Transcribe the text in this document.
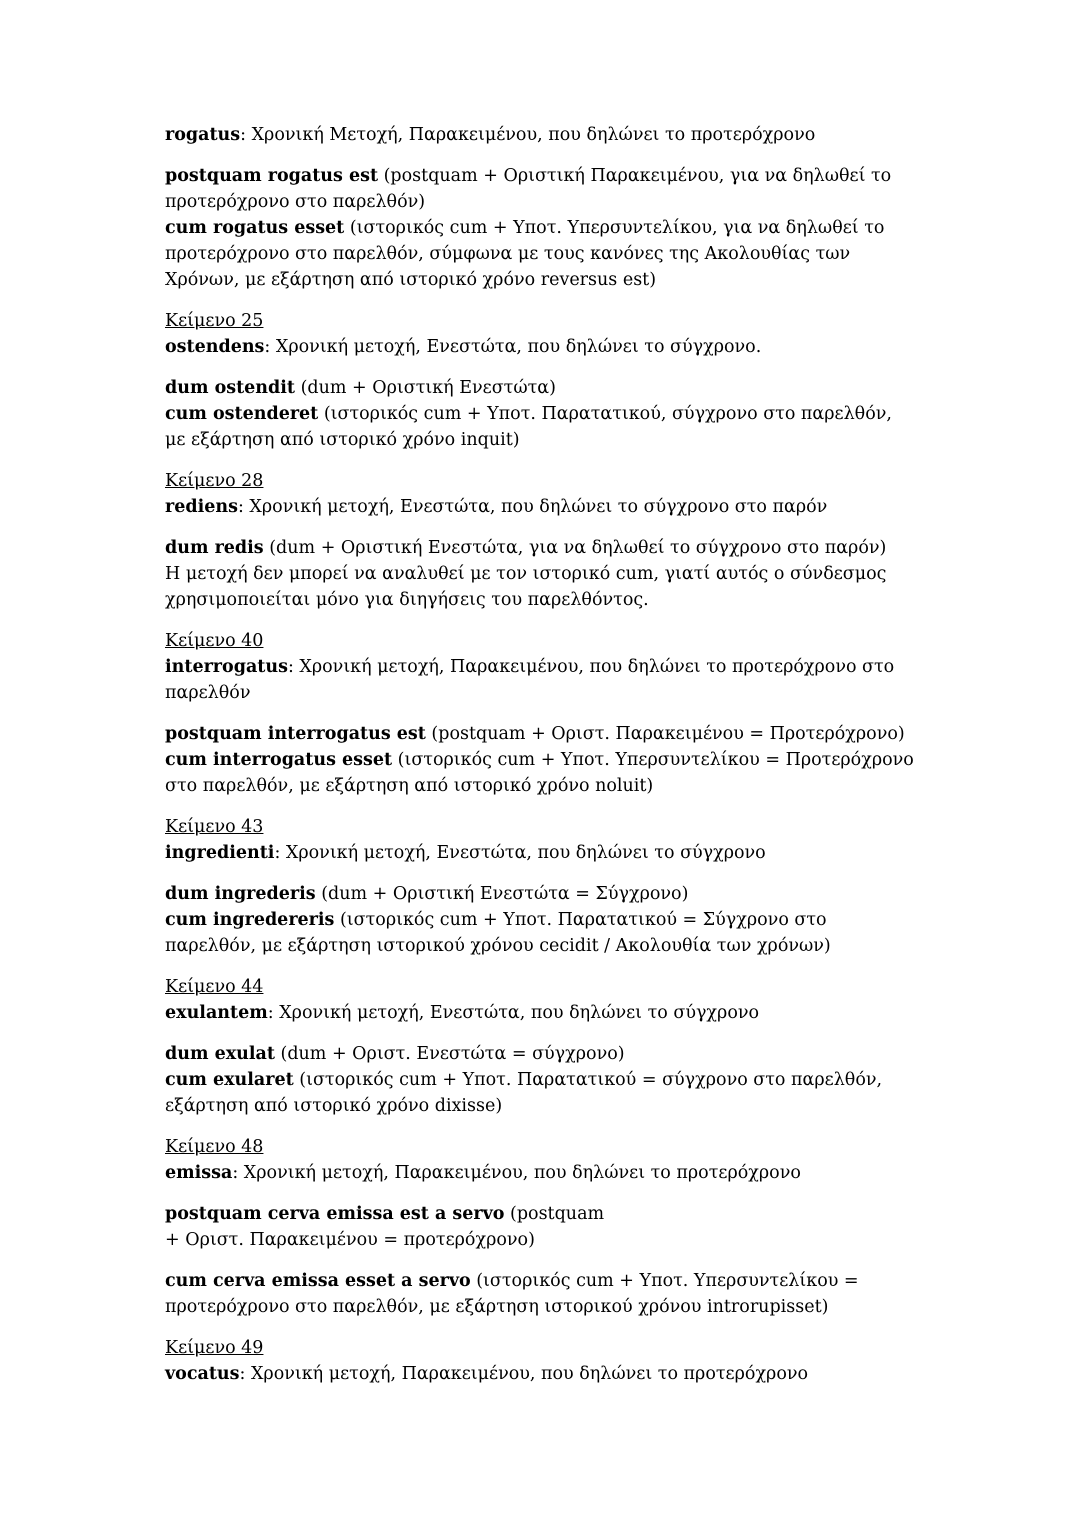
rogatus: Χρονική Μετοχή, Παρακειμένου, που δηλώνει το προτερόχρονο

postquam rogatus est (postquam + Οριστική Παρακειμένου, για να δηλωθεί το προτερόχρονο στο παρελθόν)
cum rogatus esset (ιστορικός cum + Υποτ. Υπερσυντελίκου, για να δηλωθεί το προτερόχρονο στο παρελθόν, σύμφωνα με τους κανόνες της Ακολουθίας των Χρόνων, με εξάρτηση από ιστορικό χρόνο reversus est)

Κείμενο 25
ostendens: Χρονική μετοχή, Ενεστώτα, που δηλώνει το σύγχρονο.

dum ostendit (dum + Οριστική Ενεστώτα)
cum ostenderet (ιστορικός cum + Υποτ. Παρατατικού, σύγχρονο στο παρελθόν, με εξάρτηση από ιστορικό χρόνο inquit)

Κείμενο 28
rediens: Χρονική μετοχή, Ενεστώτα, που δηλώνει το σύγχρονο στο παρόν

dum redis (dum + Οριστική Ενεστώτα, για να δηλωθεί το σύγχρονο στο παρόν)
Η μετοχή δεν μπορεί να αναλυθεί με τον ιστορικό cum, γιατί αυτός ο σύνδεσμος χρησιμοποιείται μόνο για διηγήσεις του παρελθόντος.

Κείμενο 40
interrogatus: Χρονική μετοχή, Παρακειμένου, που δηλώνει το προτερόχρονο στο παρελθόν

postquam interrogatus est (postquam + Οριστ. Παρακειμένου = Προτερόχρονο)
cum interrogatus esset (ιστορικός cum + Υποτ. Υπερσυντελίκου = Προτερόχρονο στο παρελθόν, με εξάρτηση από ιστορικό χρόνο noluit)

Κείμενο 43
ingredienti: Χρονική μετοχή, Ενεστώτα, που δηλώνει το σύγχρονο

dum ingrederis (dum + Οριστική Ενεστώτα = Σύγχρονο)
cum ingredereris (ιστορικός cum + Υποτ. Παρατατικού = Σύγχρονο στο παρελθόν, με εξάρτηση ιστορικού χρόνου cecidit / Ακολουθία των χρόνων)

Κείμενο 44
exulantem: Χρονική μετοχή, Ενεστώτα, που δηλώνει το σύγχρονο

dum exulat (dum + Οριστ. Ενεστώτα = σύγχρονο)
cum exularet (ιστορικός cum + Υποτ. Παρατατικού = σύγχρονο στο παρελθόν, εξάρτηση από ιστορικό χρόνο dixisse)

Κείμενο 48
emissa: Χρονική μετοχή, Παρακειμένου, που δηλώνει το προτερόχρονο

postquam cerva emissa est a servo (postquam
+ Οριστ. Παρακειμένου = προτερόχρονο)

cum cerva emissa esset a servo (ιστορικός cum + Υποτ. Υπερσυντελίκου = προτερόχρονο στο παρελθόν, με εξάρτηση ιστορικού χρόνου introrupisset)

Κείμενο 49
vocatus: Χρονική μετοχή, Παρακειμένου, που δηλώνει το προτερόχρονο
